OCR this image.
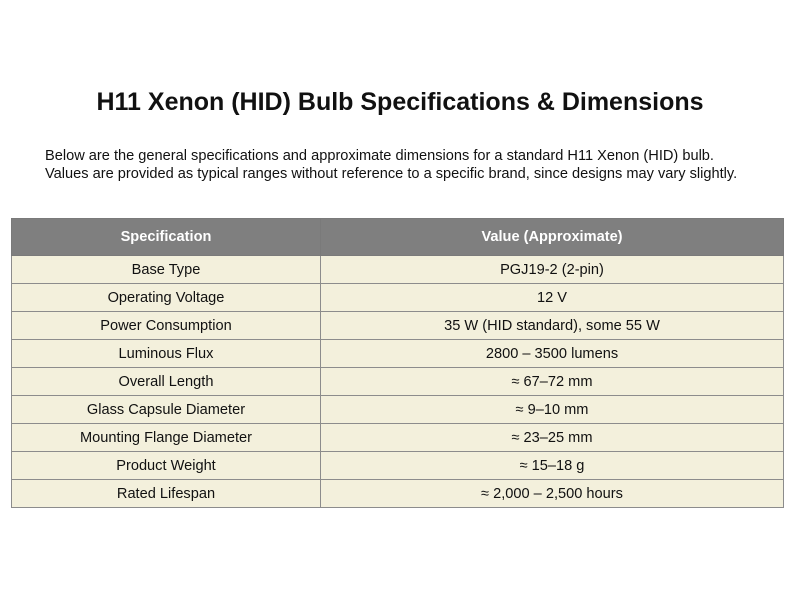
H11 Xenon (HID) Bulb Specifications & Dimensions

Below are the general specifications and approximate dimensions for a standard H11 Xenon (HID) bulb. Values are provided as typical ranges without reference to a specific brand, since designs may vary slightly.

Specification	Value (Approximate)
Base Type	PGJ19-2 (2-pin)
Operating Voltage	12 V
Power Consumption	35 W (HID standard), some 55 W
Luminous Flux	2800 – 3500 lumens
Overall Length	≈ 67–72 mm
Glass Capsule Diameter	≈ 9–10 mm
Mounting Flange Diameter	≈ 23–25 mm
Product Weight	≈ 15–18 g
Rated Lifespan	≈ 2,000 – 2,500 hours
